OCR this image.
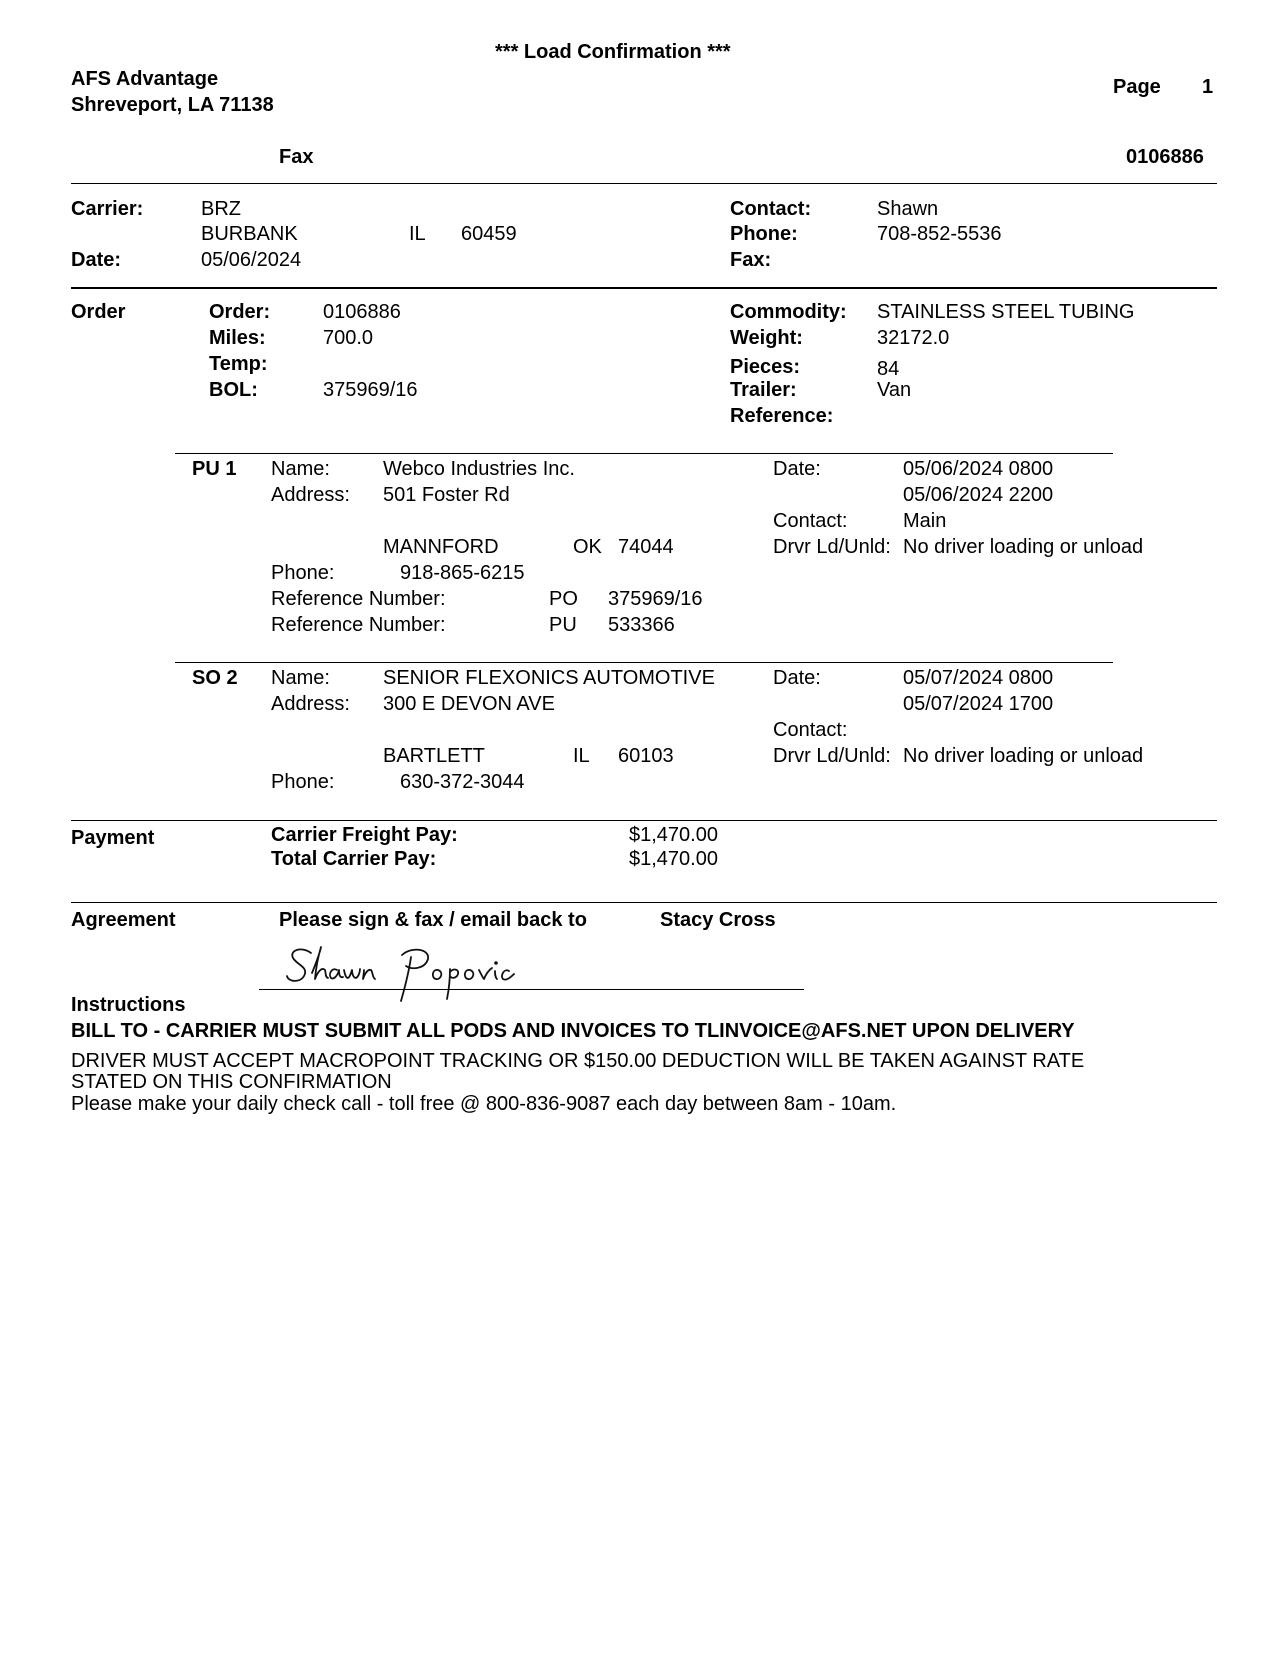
*** Load Confirmation ***
AFS Advantage
Shreveport, LA 71138
Page 1
Fax	0106886
Carrier:	BRZ
BURBANK	IL 60459
Date:	05/06/2024
Contact:	Shawn
Phone:	708-852-5536
Fax:
Order	Order:	0106886
Miles:	700.0
Temp:
BOL:	375969/16
Commodity: STAINLESS STEEL TUBING
Weight:	32172.0
Pieces:	84
Trailer:	Van
Reference:
PU 1 Name:	Webco Industries Inc.
Address: 501 Foster Rd
MANNFORD	OK 74044
Phone:	918-865-6215
Reference Number:	PO 375969/16
Reference Number:	PU 533366
Date:	05/06/2024 0800
05/06/2024 2200
Contact:	Main
Drvr Ld/Unld: No driver loading or unload
SO 2 Name:	SENIOR FLEXONICS AUTOMOTIVE
Address: 300 E DEVON AVE
BARTLETT	IL 60103
Phone:	630-372-3044
Date:	05/07/2024 0800
05/07/2024 1700
Contact:
Drvr Ld/Unld: No driver loading or unload
Payment	Carrier Freight Pay:	$1,470.00
Total Carrier Pay:	$1,470.00
Agreement	Please sign & fax / email back to	Stacy Cross
Instructions
BILL TO - CARRIER MUST SUBMIT ALL PODS AND INVOICES TO TLINVOICE@AFS.NET UPON DELIVERY
DRIVER MUST ACCEPT MACROPOINT TRACKING OR $150.00 DEDUCTION WILL BE TAKEN AGAINST RATE
STATED ON THIS CONFIRMATION
Please make your daily check call - toll free @ 800-836-9087 each day between 8am - 10am.
